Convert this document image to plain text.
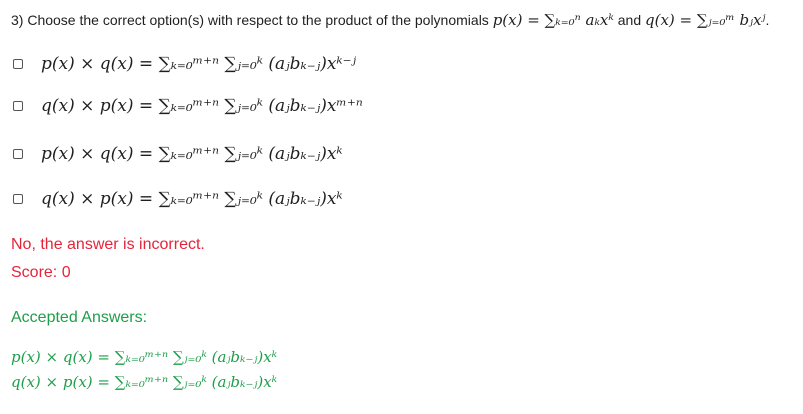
3) Choose the correct option(s) with respect to the product of the polynomials p(x) = ∑ₖ₌₀ⁿ aₖxᵏ and q(x) = ∑ⱼ₌₀ᵐ bⱼxʲ.
p(x) × q(x) = ∑ₖ₌₀ᵐ⁺ⁿ ∑ⱼ₌₀ᵏ (aⱼbₖ₋ⱼ)xᵏ⁻ʲ
q(x) × p(x) = ∑ₖ₌₀ᵐ⁺ⁿ ∑ⱼ₌₀ᵏ (aⱼbₖ₋ⱼ)xᵐ⁺ⁿ
p(x) × q(x) = ∑ₖ₌₀ᵐ⁺ⁿ ∑ⱼ₌₀ᵏ (aⱼbₖ₋ⱼ)xᵏ
q(x) × p(x) = ∑ₖ₌₀ᵐ⁺ⁿ ∑ⱼ₌₀ᵏ (aⱼbₖ₋ⱼ)xᵏ
No, the answer is incorrect.
Score: 0
Accepted Answers:
p(x) × q(x) = ∑ₖ₌₀ᵐ⁺ⁿ ∑ⱼ₌₀ᵏ (aⱼbₖ₋ⱼ)xᵏ
q(x) × p(x) = ∑ₖ₌₀ᵐ⁺ⁿ ∑ⱼ₌₀ᵏ (aⱼbₖ₋ⱼ)xᵏ
